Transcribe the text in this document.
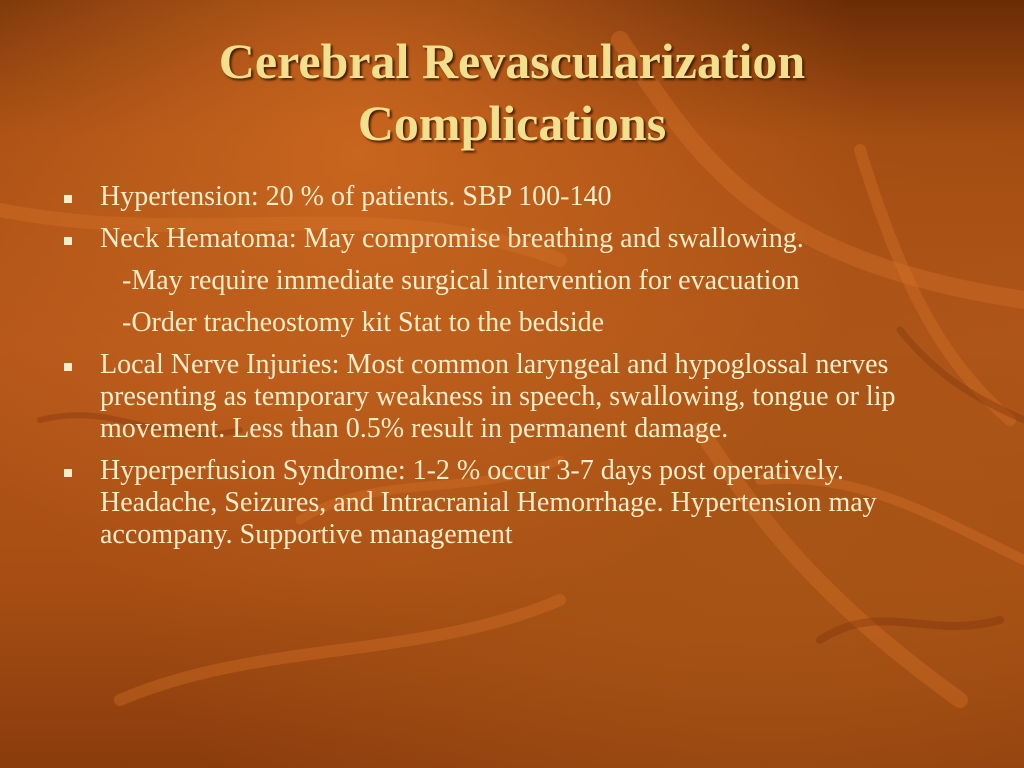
Cerebral Revascularization
Complications
Hypertension: 20 % of patients. SBP 100-140
Neck Hematoma: May compromise breathing and swallowing.
-May require immediate surgical intervention for evacuation
-Order tracheostomy kit Stat to the bedside
Local Nerve Injuries: Most common laryngeal and hypoglossal nerves presenting as temporary weakness in speech, swallowing, tongue or lip movement. Less than 0.5% result in permanent damage.
Hyperperfusion Syndrome: 1-2 % occur 3-7 days post operatively. Headache, Seizures, and Intracranial Hemorrhage. Hypertension may accompany. Supportive management
